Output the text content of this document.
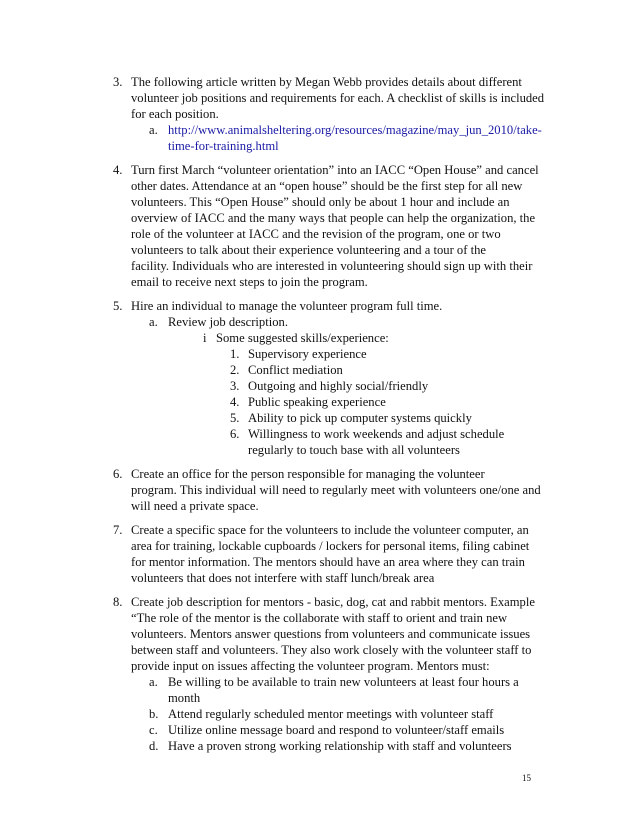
3. The following article written by Megan Webb provides details about different
volunteer job positions and requirements for each. A checklist of skills is included
for each position.
a. http://www.animalsheltering.org/resources/magazine/may_jun_2010/take-
time-for-training.html
4. Turn first March “volunteer orientation” into an IACC “Open House” and cancel
other dates. Attendance at an “open house” should be the first step for all new
volunteers. This “Open House” should only be about 1 hour and include an
overview of IACC and the many ways that people can help the organization, the
role of the volunteer at IACC and the revision of the program, one or two
volunteers to talk about their experience volunteering and a tour of the
facility. Individuals who are interested in volunteering should sign up with their
email to receive next steps to join the program.
5. Hire an individual to manage the volunteer program full time.
a. Review job description.
i Some suggested skills/experience:
1. Supervisory experience
2. Conflict mediation
3. Outgoing and highly social/friendly
4. Public speaking experience
5. Ability to pick up computer systems quickly
6. Willingness to work weekends and adjust schedule
regularly to touch base with all volunteers
6. Create an office for the person responsible for managing the volunteer
program. This individual will need to regularly meet with volunteers one/one and
will need a private space.
7. Create a specific space for the volunteers to include the volunteer computer, an
area for training, lockable cupboards / lockers for personal items, filing cabinet
for mentor information. The mentors should have an area where they can train
volunteers that does not interfere with staff lunch/break area
8. Create job description for mentors - basic, dog, cat and rabbit mentors. Example
“The role of the mentor is the collaborate with staff to orient and train new
volunteers. Mentors answer questions from volunteers and communicate issues
between staff and volunteers. They also work closely with the volunteer staff to
provide input on issues affecting the volunteer program. Mentors must:
a. Be willing to be available to train new volunteers at least four hours a
month
b. Attend regularly scheduled mentor meetings with volunteer staff
c. Utilize online message board and respond to volunteer/staff emails
d. Have a proven strong working relationship with staff and volunteers
15
